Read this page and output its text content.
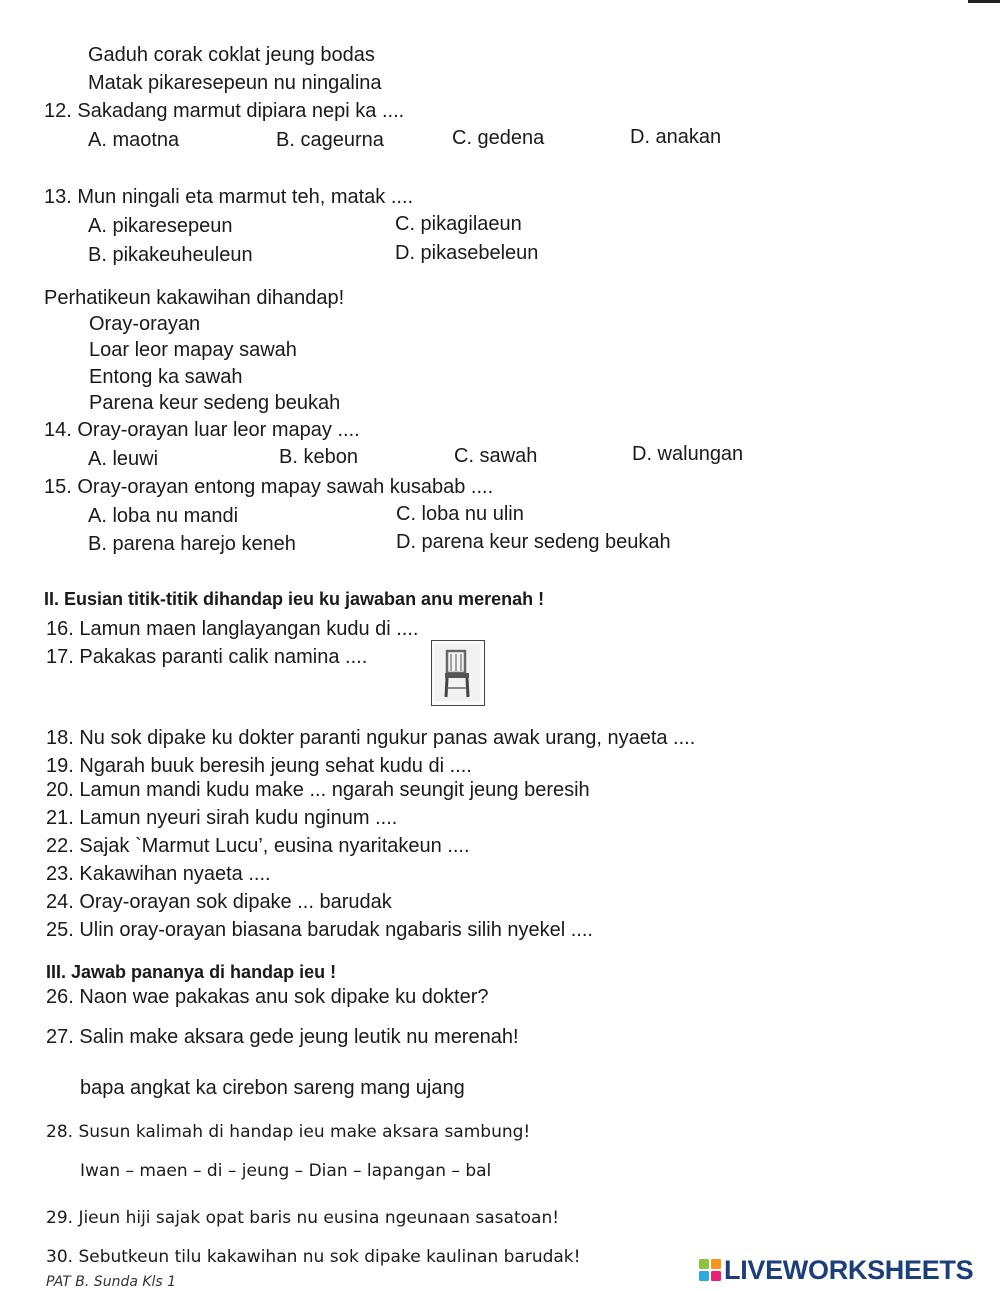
Gaduh corak coklat jeung bodas
Matak pikaresepeun nu ningalina
12. Sakadang marmut dipiara nepi ka ....
A. maotna	B. cageurna	C. gedena	D. anakan
13. Mun ningali eta marmut teh, matak ....
A. pikaresepeun	C. pikagilaeun
B. pikakeuheuleun	D. pikasebeleun
Perhatikeun kakawihan dihandap!
Oray-orayan
Loar leor mapay sawah
Entong ka sawah
Parena keur sedeng beukah
14. Oray-orayan luar leor mapay ....
A. leuwi	B. kebon	C. sawah	D. walungan
15. Oray-orayan entong mapay sawah kusabab ....
A. loba nu mandi	C. loba nu ulin
B. parena harejo keneh	D. parena keur sedeng beukah
II. Eusian titik-titik dihandap ieu ku jawaban anu merenah !
16. Lamun maen langlayangan kudu di ....
17. Pakakas paranti calik namina ....
18. Nu sok dipake ku dokter paranti ngukur panas awak urang, nyaeta ....
19. Ngarah buuk beresih jeung sehat kudu di ....
20. Lamun mandi kudu make ... ngarah seungit jeung beresih
21. Lamun nyeuri sirah kudu nginum ....
22. Sajak `Marmut Lucu’, eusina nyaritakeun ....
23. Kakawihan nyaeta ....
24. Oray-orayan sok dipake ... barudak
25. Ulin oray-orayan biasana barudak ngabaris silih nyekel ....
III. Jawab pananya di handap ieu !
26. Naon wae pakakas anu sok dipake ku dokter?
27. Salin make aksara gede jeung leutik nu merenah!
bapa angkat ka cirebon sareng mang ujang
28. Susun kalimah di handap ieu make aksara sambung!
Iwan – maen – di – jeung – Dian – lapangan – bal
29. Jieun hiji sajak opat baris nu eusina ngeunaan sasatoan!
30. Sebutkeun tilu kakawihan nu sok dipake kaulinan barudak!
PAT B. Sunda Kls 1	LIVEWORKSHEETS
